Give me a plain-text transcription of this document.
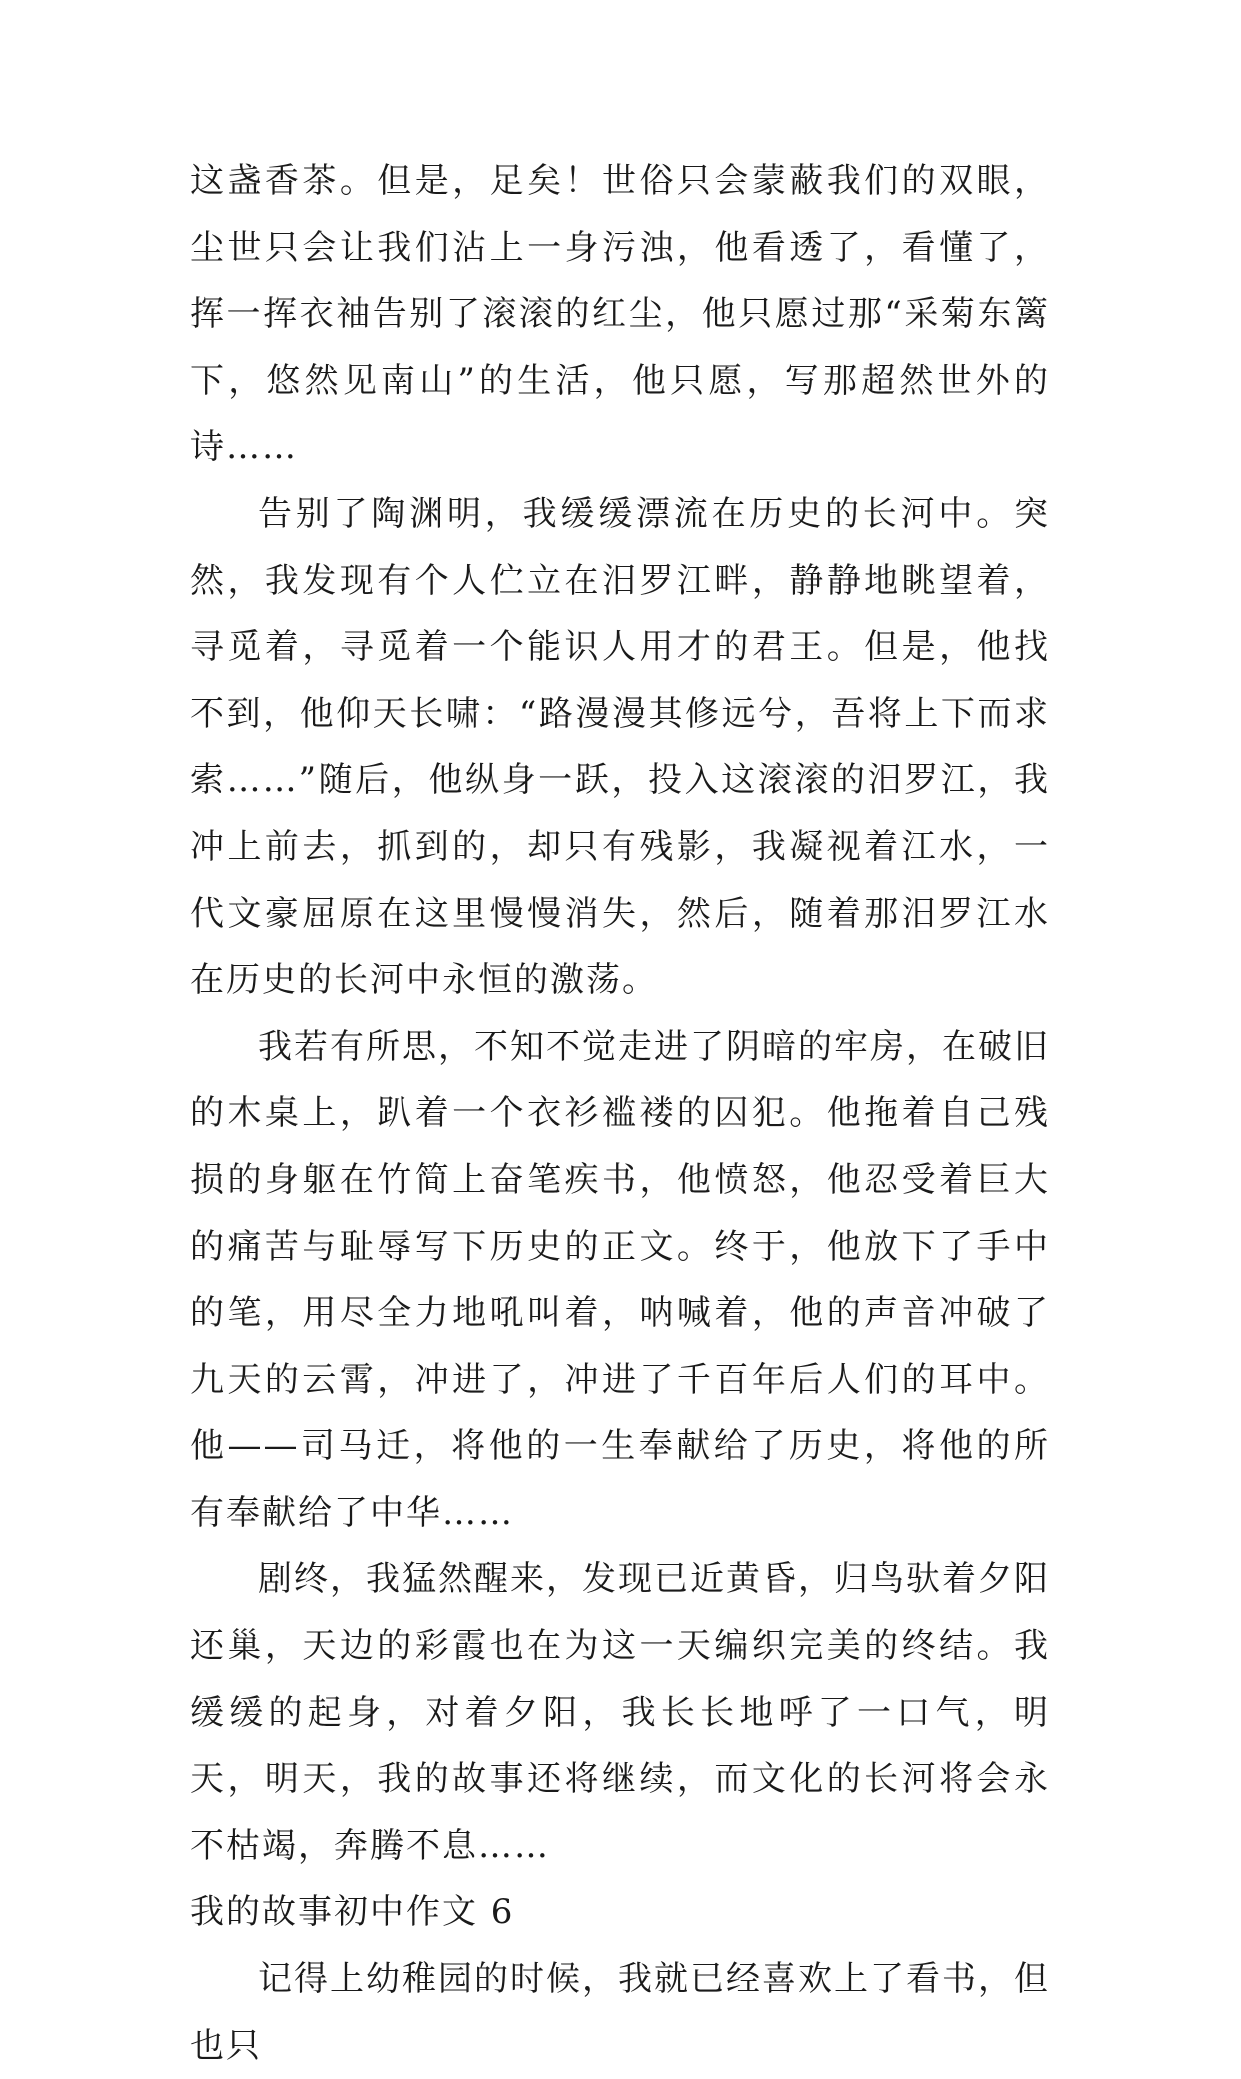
这盏香茶。但是，足矣！世俗只会蒙蔽我们的双眼，尘世只会让我们沾上一身污浊，他看透了，看懂了，挥一挥衣袖告别了滚滚的红尘，他只愿过那“采菊东篱下，悠然见南山”的生活，他只愿，写那超然世外的诗……

告别了陶渊明，我缓缓漂流在历史的长河中。突然，我发现有个人伫立在汨罗江畔，静静地眺望着，寻觅着，寻觅着一个能识人用才的君王。但是，他找不到，他仰天长啸：“路漫漫其修远兮，吾将上下而求索……”随后，他纵身一跃，投入这滚滚的汨罗江，我冲上前去，抓到的，却只有残影，我凝视着江水，一代文豪屈原在这里慢慢消失，然后，随着那汨罗江水在历史的长河中永恒的激荡。

我若有所思，不知不觉走进了阴暗的牢房，在破旧的木桌上，趴着一个衣衫褴褛的囚犯。他拖着自己残损的身躯在竹简上奋笔疾书，他愤怒，他忍受着巨大的痛苦与耻辱写下历史的正文。终于，他放下了手中的笔，用尽全力地吼叫着，呐喊着，他的声音冲破了九天的云霄，冲进了，冲进了千百年后人们的耳中。他——司马迁，将他的一生奉献给了历史，将他的所有奉献给了中华……

剧终，我猛然醒来，发现已近黄昏，归鸟驮着夕阳还巢，天边的彩霞也在为这一天编织完美的终结。我缓缓的起身，对着夕阳，我长长地呼了一口气，明天，明天，我的故事还将继续，而文化的长河将会永不枯竭，奔腾不息……

我的故事初中作文 6

记得上幼稚园的时候，我就已经喜欢上了看书，但也只
